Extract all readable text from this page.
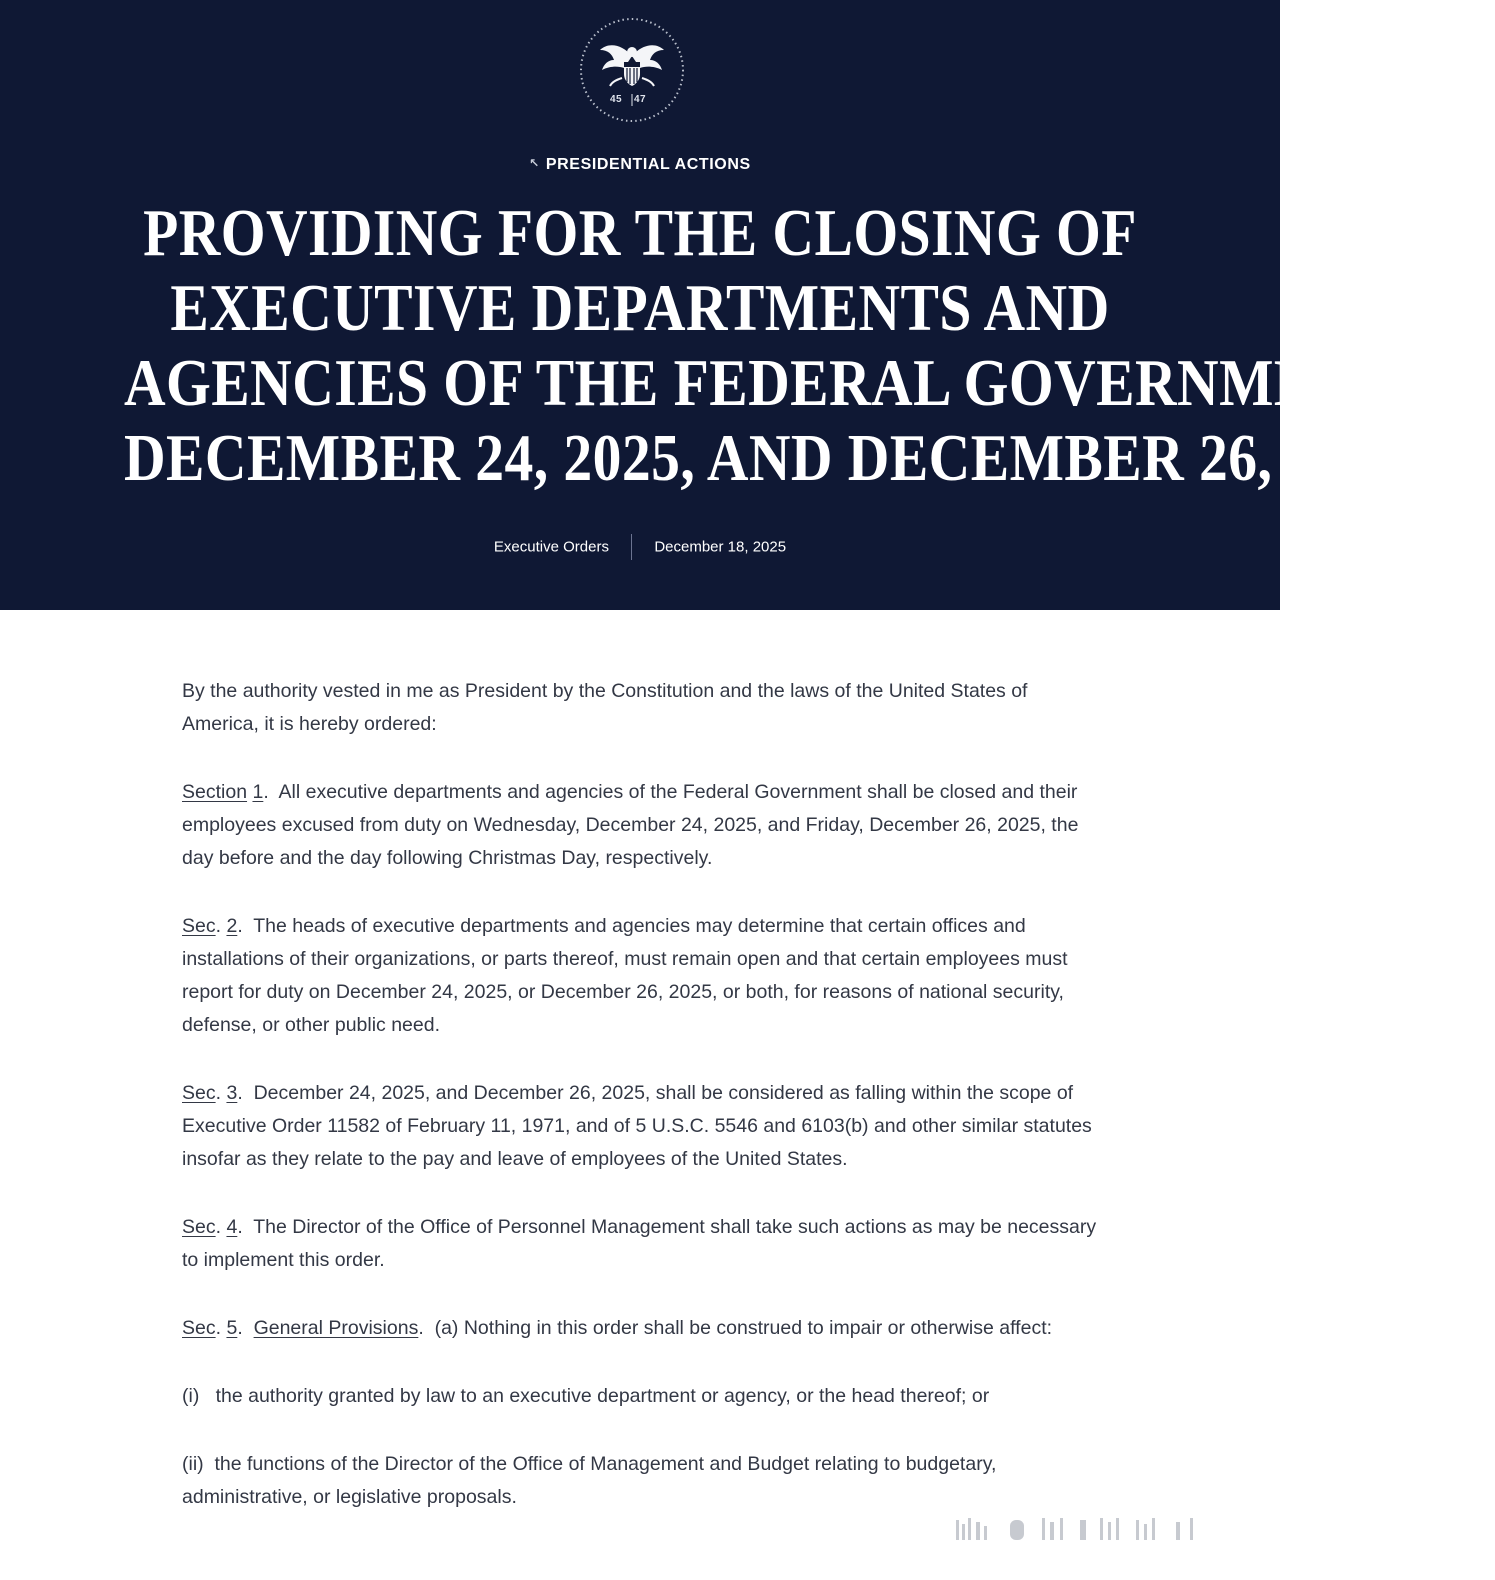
45 47
↖ PRESIDENTIAL ACTIONS
PROVIDING FOR THE CLOSING OF
EXECUTIVE DEPARTMENTS AND
AGENCIES OF THE FEDERAL GOVERNMENT ON
DECEMBER 24, 2025, AND DECEMBER 26, 2025
Executive Orders	December 18, 2025

By the authority vested in me as President by the Constitution and the laws of the United States of America, it is hereby ordered:

Section 1.  All executive departments and agencies of the Federal Government shall be closed and their employees excused from duty on Wednesday, December 24, 2025, and Friday, December 26, 2025, the day before and the day following Christmas Day, respectively.

Sec. 2.  The heads of executive departments and agencies may determine that certain offices and installations of their organizations, or parts thereof, must remain open and that certain employees must report for duty on December 24, 2025, or December 26, 2025, or both, for reasons of national security, defense, or other public need.

Sec. 3.  December 24, 2025, and December 26, 2025, shall be considered as falling within the scope of Executive Order 11582 of February 11, 1971, and of 5 U.S.C. 5546 and 6103(b) and other similar statutes insofar as they relate to the pay and leave of employees of the United States.

Sec. 4.  The Director of the Office of Personnel Management shall take such actions as may be necessary to implement this order.

Sec. 5.  General Provisions.  (a) Nothing in this order shall be construed to impair or otherwise affect:

(i)   the authority granted by law to an executive department or agency, or the head thereof; or

(ii)  the functions of the Director of the Office of Management and Budget relating to budgetary, administrative, or legislative proposals.
